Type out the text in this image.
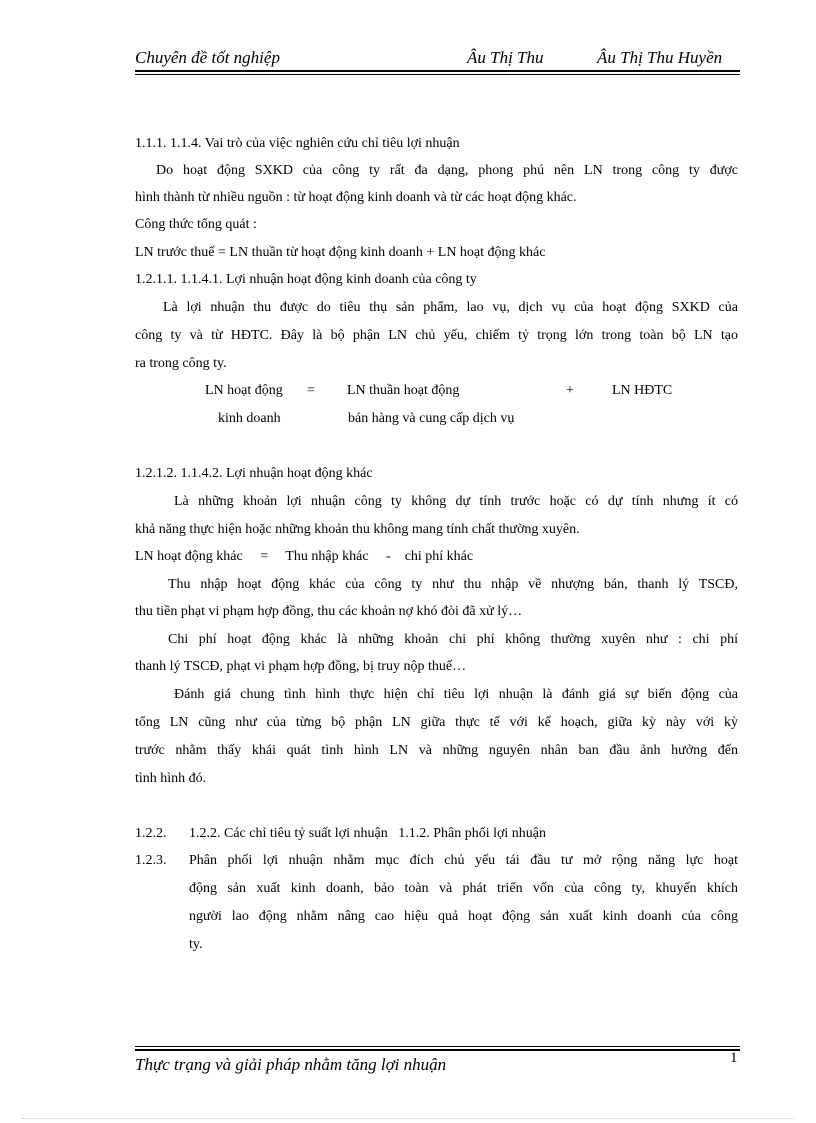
Chuyên đề tốt nghiệp	Âu Thị Thu	Âu Thị Thu Huyền
1.1.1. 1.1.4. Vai trò của việc nghiên cứu chỉ tiêu lợi nhuận
Do hoạt động SXKD của công ty rất đa dạng, phong phú nên LN trong công ty được
hình thành từ nhiều nguồn : từ hoạt động kinh doanh và từ các hoạt động khác.
Công thức tổng quát :
LN trước thuế = LN thuần từ hoạt động kinh doanh + LN hoạt động khác
1.2.1.1. 1.1.4.1. Lợi nhuận hoạt động kinh doanh của công ty
Là lợi nhuận thu được do tiêu thụ sản phẩm, lao vụ, dịch vụ của hoạt động SXKD của
công ty và từ HĐTC. Đây là bộ phận LN chủ yếu, chiếm tỷ trọng lớn trong toàn bộ LN tạo
ra trong công ty.
LN hoạt động = LN thuần hoạt động	+	LN HĐTC
kinh doanh	bán hàng và cung cấp dịch vụ
1.2.1.2. 1.1.4.2. Lợi nhuận hoạt động khác
Là những khoản lợi nhuận công ty không dự tính trước hoặc có dự tính nhưng ít có
khả năng thực hiện hoặc những khoản thu không mang tính chất thường xuyên.
LN hoạt động khác     =     Thu nhập khác     -    chi phí khác
Thu nhập hoạt động khác của công ty như thu nhập về nhượng bán, thanh lý TSCĐ,
thu tiền phạt vi phạm hợp đồng, thu các khoản nợ khó đòi đã xử lý…
Chi phí hoạt động khác là những khoản chi phí không thường xuyên như : chi phí
thanh lý TSCĐ, phạt vi phạm hợp đồng, bị truy nộp thuế…
Đánh giá chung tình hình thực hiện chỉ tiêu lợi nhuận là đánh giá sự biến động của
tổng LN cũng như của từng bộ phận LN giữa thực tế với kế hoạch, giữa kỳ này với kỳ
trước nhằm thấy khái quát tình hình LN và những nguyên nhân ban đầu ảnh hưởng đến
tình hình đó.
1.2.2. 1.2.2. Các chỉ tiêu tỷ suất lợi nhuận   1.1.2. Phân phối lợi nhuận
1.2.3. Phân phối lợi nhuận nhằm mục đích chủ yếu tái đầu tư mở rộng năng lực hoạt
động sản xuất kinh doanh, bảo toàn và phát triển vốn của công ty, khuyến khích
người lao động nhằm nâng cao hiệu quả hoạt động sản xuất kinh doanh của công
ty.
Thực trạng và giải pháp nhằm tăng lợi nhuận	1
